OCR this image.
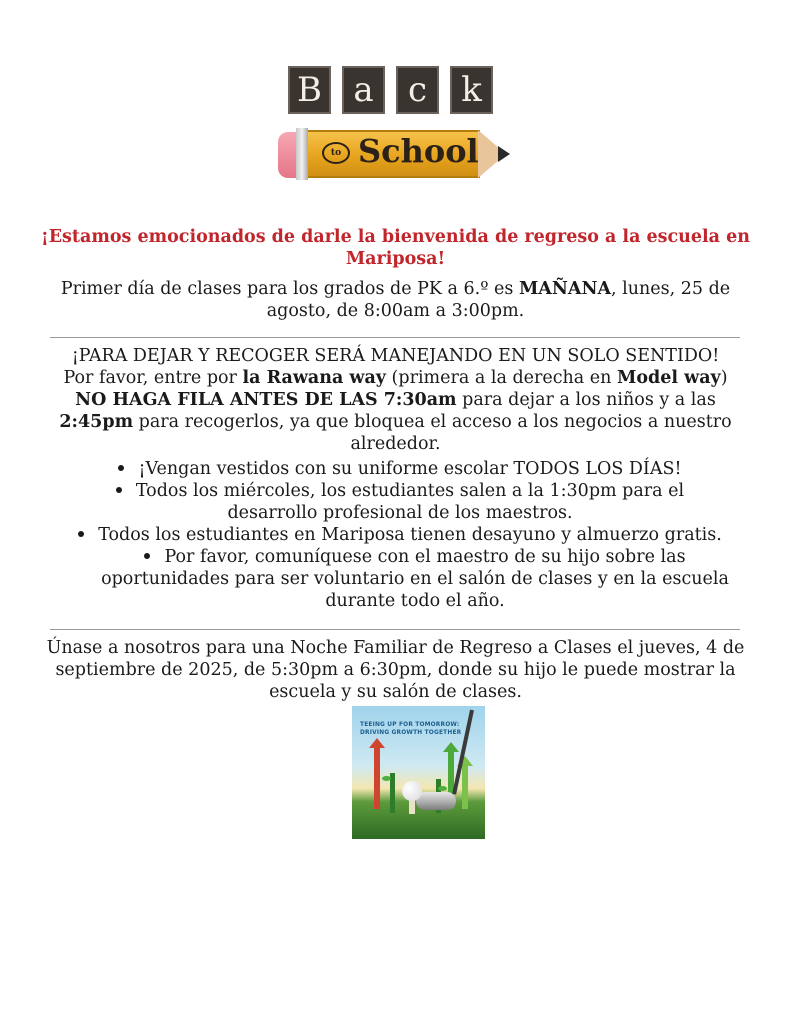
B a	c	k
to School
¡Estamos emocionados de darle la bienvenida de regreso a la escuela en Mariposa!
Primer día de clases para los grados de PK a 6.º es MAÑANA, lunes, 25 de agosto, de 8:00am a 3:00pm.
¡PARA DEJAR Y RECOGER SERÁ MANEJANDO EN UN SOLO SENTIDO!
Por favor, entre por la Rawana way (primera a la derecha en Model way)
NO HAGA FILA ANTES DE LAS 7:30am para dejar a los niños y a las 2:45pm para recogerlos, ya que bloquea el acceso a los negocios a nuestro alrededor.
¡Vengan vestidos con su uniforme escolar TODOS LOS DÍAS!
Todos los miércoles, los estudiantes salen a la 1:30pm para el desarrollo profesional de los maestros.
Todos los estudiantes en Mariposa tienen desayuno y almuerzo gratis.
Por favor, comuníquese con el maestro de su hijo sobre las oportunidades para ser voluntario en el salón de clases y en la escuela durante todo el año.
Únase a nosotros para una Noche Familiar de Regreso a Clases el jueves, 4 de septiembre de 2025, de 5:30pm a 6:30pm, donde su hijo le puede mostrar la escuela y su salón de clases.
TEEING UP FOR TOMORROW:
DRIVING GROWTH TOGETHER
